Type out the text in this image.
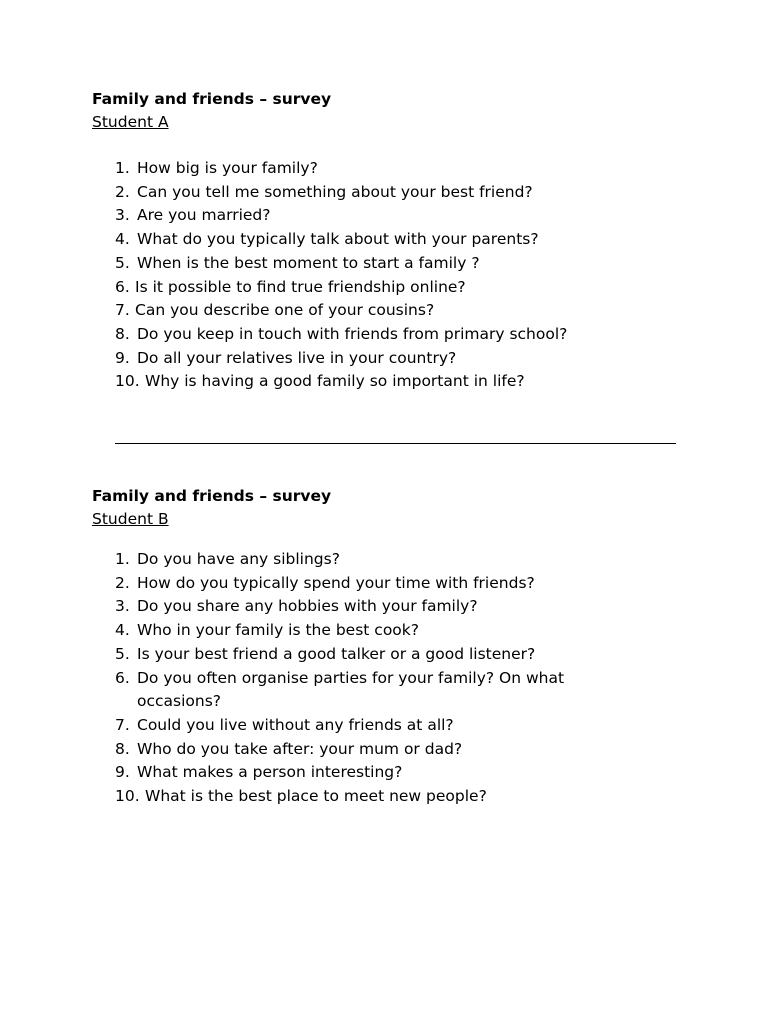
Family and friends – survey

Student A

1. How big is your family?
2. Can you tell me something about your best friend?
3. Are you married?
4. What do you typically talk about with your parents?
5. When is the best moment to start a family ?
6. Is it possible to find true friendship online?
7. Can you describe one of your cousins?
8. Do you keep in touch with friends from primary school?
9. Do all your relatives live in your country?
10. Why is having a good family so important in life?

Family and friends – survey

Student B

1. Do you have any siblings?
2. How do you typically spend your time with friends?
3. Do you share any hobbies with your family?
4. Who in your family is the best cook?
5. Is your best friend a good talker or a good listener?
6. Do you often organise parties for your family? On what occasions?
7. Could you live without any friends at all?
8. Who do you take after: your mum or dad?
9. What makes a person interesting?
10. What is the best place to meet new people?
